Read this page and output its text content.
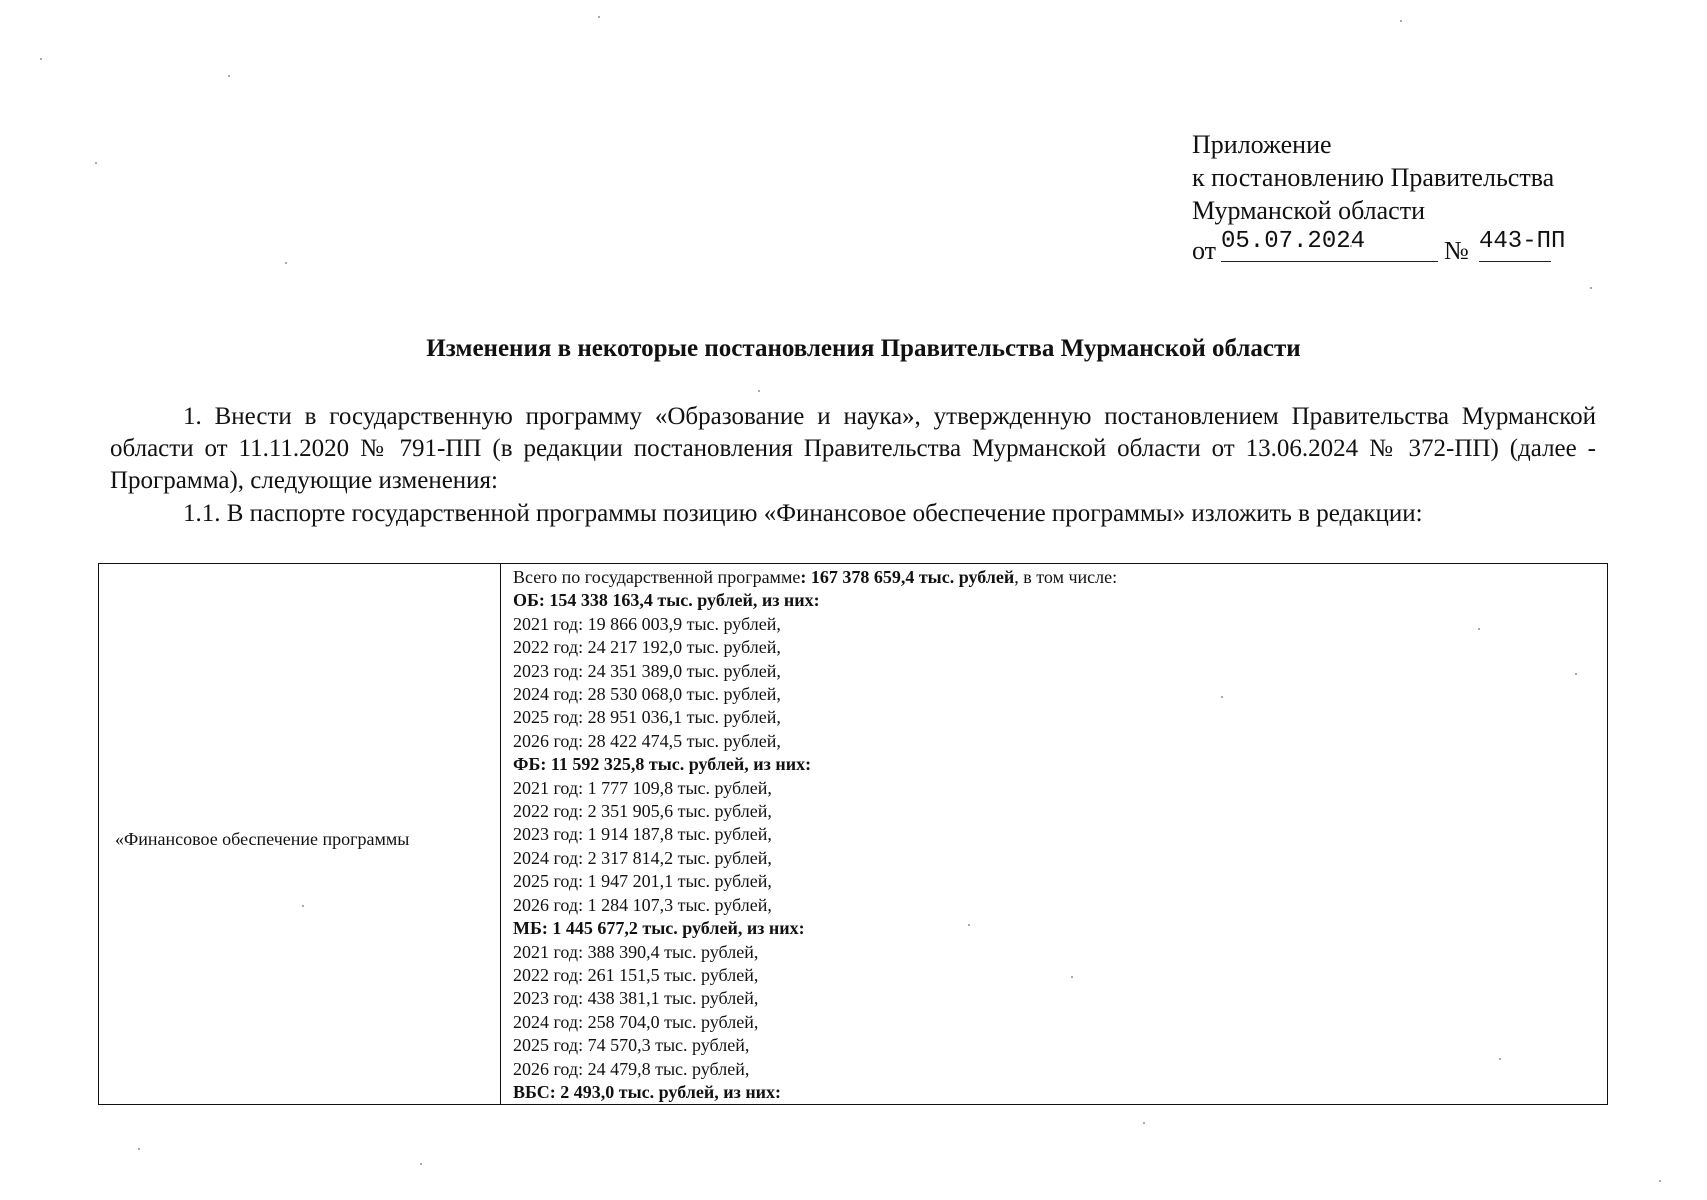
Приложение
к постановлению Правительства
Мурманской области
от 05.07.2024	№ 443-ПП
Изменения в некоторые постановления Правительства Мурманской области
1. Внести в государственную программу «Образование и наука», утвержденную постановлением Правительства Мурманской области от 11.11.2020 № 791-ПП (в редакции постановления Правительства Мурманской области от 13.06.2024 № 372-ПП) (далее - Программа), следующие изменения:
1.1. В паспорте государственной программы позицию «Финансовое обеспечение программы» изложить в редакции:
«Финансовое обеспечение программы
Всего по государственной программе: 167 378 659,4 тыс. рублей, в том числе:
ОБ: 154 338 163,4 тыс. рублей, из них:
2021 год: 19 866 003,9 тыс. рублей,
2022 год: 24 217 192,0 тыс. рублей,
2023 год: 24 351 389,0 тыс. рублей,
2024 год: 28 530 068,0 тыс. рублей,
2025 год: 28 951 036,1 тыс. рублей,
2026 год: 28 422 474,5 тыс. рублей,
ФБ: 11 592 325,8 тыс. рублей, из них:
2021 год: 1 777 109,8 тыс. рублей,
2022 год: 2 351 905,6 тыс. рублей,
2023 год: 1 914 187,8 тыс. рублей,
2024 год: 2 317 814,2 тыс. рублей,
2025 год: 1 947 201,1 тыс. рублей,
2026 год: 1 284 107,3 тыс. рублей,
МБ: 1 445 677,2 тыс. рублей, из них:
2021 год: 388 390,4 тыс. рублей,
2022 год: 261 151,5 тыс. рублей,
2023 год: 438 381,1 тыс. рублей,
2024 год: 258 704,0 тыс. рублей,
2025 год: 74 570,3 тыс. рублей,
2026 год: 24 479,8 тыс. рублей,
ВБС: 2 493,0 тыс. рублей, из них:
